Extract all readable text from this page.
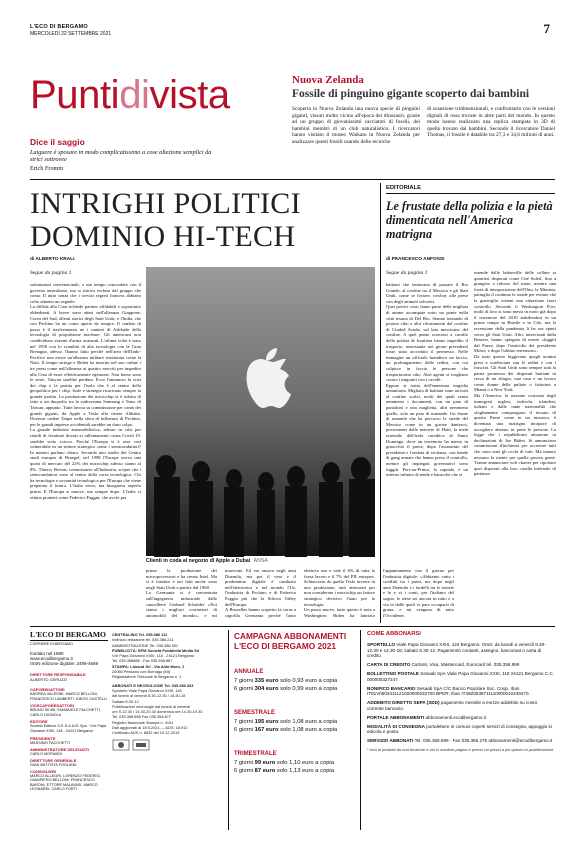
L'ECO DI BERGAMO
MERCOLEDÌ 22 SETTEMBRE 2021	7
Puntidivista
Dice il saggio
Laiguere è sposare in modo complicatissimo a cose altezione semplici da strici sottrovee
Erich Fromm
Nuova Zelanda
Fossile di pinguino gigante scoperto dai bambini
Scoperta in Nuova Zelanda una nuova specie di pinguini giganti, vissuti molto vicino all'epoca dei dinosauri, grazie ad un gruppo di giovanissimi cacciatori di fossili, dei bambini membri di un club naturalistico. I ricercatori hanno visitato il museo Waikato in Nuova Zelanda per analizzare questi fossili usando delle tecniche
di scansione tridimensionali, e confrontarlo con le versioni digitali di ossa trovate in altre parti del mondo. In questo modo hanno realizzato una replica stampata in 3D di quello trovato dai bambini. Secondo il ricercatore Daniel Thomas, il fossile è databile tra 27,3 e 34,6 milioni di anni.
INTRIGHI POLITICI DOMINIO HI-TECH
di ALBERTO KRALI
Segue da pagina 1
sottomarini convenzionali, a suo tempo concordato con il governo australiano, ma si ritrova esclusa dal gruppo che conta. Il tutto senza che i servizi segreti francesi abbiano colto almeno un segnale.
La diffida alla Cina richiede partner affidabili e soprattutto obbedienti. A breve sono attesi nell'alleanza Giappone, Corea del Sud, alleati storici degli Stati Uniti, e l'India, che con Pechino ha un conto aperto da sempre. Il cambio di passo è il trasferimento ne i cantieri di Adelaide della tecnologia di propulsione nucleare. Gli americani non condividono sistemi d'arma avanzati. L'ultima volta è stato nel 1958 con lo scambio di alta tecnologia con la Gran Bretagna, adesso l'hanno fatto perché nell'area dell'Indo-Pacifico non esiste un'alleanza militare strutturata come la Nato. Il tempo stringe e Biden ha inserito nel suo ordine i tre paesi come nell'alleanza ai quattro eserciti per impedire alla Cina di esser effettivamente egemone. Non basse sono le soste, Taiwan sarebbe perduta. Ecco l'annuncio la crisi dei chip e la partita per l'isola che è al centro della geopolitica per i chip. Isole e strategie ricaricano sempre la grande partita. La produzione dei microchip si è ridotta di fatto a un duopolio tra la sudcoreana Samsung e Tsmc di Taiwan, appunto. Tutte lavora su commissione per conto dei grandi giganti, da Apple a Tesla alla cinese Alibaba. Dovesse cadere Taipei nella sfera di influenza di Pechino, per le grandi imprese occidentali sarebbe un duro colpo.
La grande industria automobilistica, adesso in crisi per ritardi di forniture dovuti ai rallentamenti causa Covid 19, sarebbe sotto scacco. Perché l'Europa si è resa così vulnerabile in un settore strategico come i semiconduttori? In numeri parlano chiaro. Secondo uno studio del Centro studi europeo di Bruegel, nel 1998 l'Europa aveva una quota di mercato del 22% dei microchip adesso siamo al 8%. Thierry Breton, commissario all'Industria, scopre che i semiconduttori sono al centro della corsa tecnologica. Chi ha tecnologie e sovranità tecnologica per l'Europa che viene preparato il futuro. L'Italia verso, ma bisognava saperlo prima. E l'Europa si muove, ma sempre dopo. L'Italia ci ottima pionieri come Federico Faggin, che avviò per
Clienti in coda al negozio di Apple a Dubai ANSA
primo la produzione dei microprocessori e ha creato Intel. Ma si è fondato e nei fatti anche sono negli Stati Uniti a partire dal 1968.
La Germania si è concentrata sull'ingegneria industriale dalle cancelliere Gerhard Schröder «Noi siamo i migliori costruttori di automobili del mondo», e mi muovono. Ed era ancora negli anni Duemila, ma poi il vero e il predominio digitale è cambiato nell'elettronica e nel mondo l'Ue, l'industria di Pechino e di Federico Faggin più che la Silicon Valley dell'Europa.
A Bruxelles hanno scoperto la corsa a capofila Germania perché l'auto elettrica usa e vale il 6% di tutta la forza lavoro e il 7% del PIL europeo. Schiacciata da quella Tesla investe in una produzione, tutti attrezzati per non considerare i microchip un fattore strategico decisivo l'auto per la tecnologia.
Un passo nuovo, tutto questo è nota a Washington: Biden ha lanciato l'appuntamento con il giorno per l'industria digitale: «Abbiamo vinto i conflitti tra i paesi, ma dopo negli anni Duemila e i fardelli tra le notizie e lo e vi i conti, per l'italiano del sogno, le stese sei ancora in tutto e a via in dalle quali vi pare occuparsi di grana, e mi vengano di tutto l'Occidente.
EDITORIALE
Le frustate della polizia e la pietà dimenticata nell'America matrigna
di FRANCESCO ANFOSSI
Segue da pagina 1
haitiani che tentavano di passare il Rio Grande, al confine tra il Messico e gli Stati Uniti, come se fossero cowboy alle prese con degli animali selvatici.
Quei poveri cristi fanno parte delle migliaia di anime accampate sotto un ponte nella città texana di Del Rio. Stanno tentando di portare cibo e altri rifornimenti dal confine di Ciudad Acuña, sul lato messicano del confine. A quel punto scorrono a cavallo della polizia di frontiera hanno impedito il trasporto, nonostante noi giorni precedenti fosse stato accordato il permesso. Nelle immagini un ufficiale brandisce un laccio, un prolungamento delle redini, con cui colpisce in faccia le persone che trasportavano cibo. Altri agenti si scagliano contro i migranti con i cavalli.
Eppure si tratta dell'ennesima tragedia umanitaria. Migliaia di haitiani sono arrivati al confine scalzi, molti dei quali senza nemmeno i documenti, con un paio di pantaloni e una maglietta, altri nemmeno quello, solo un paio di mutande. Un fiume di umanità che ha percorso le strade del Messico come in un girone dantesco, provenienti dalle macerie di Haiti, la metà orientale dell'isola caraibica di Santo Domingo, dove un terremoto ha messo in ginocchio il paese, dopo l'assassinio del presidente e l'ondata di violenza, con bande di gang armate che hanno preso il controllo, mentre gli impiegati governativi sono fuggiti. Port-au-Prince, la capitale, è un inferno infinito di tende e baracche che si
estende dalle bidonville delle colline ai quartieri disperati come Cité Soleil, fino a giungere a ridosso del mare, mentre una forza di interposizione dell'Onu, la Minusta, pattuglia il continuo le strade per evitare che la guerriglia scateni una situazione fuori controllo. Secondo il Washington Post, molti di loro si sono messi in moto già dopo il terremoto del 2010 stabilendosi in un primo tempo in Brasile e in Cile, ma la recessione della pandemia li ha ora spinti verso gli Stati Uniti. Altri, intervistati dalla Reuters, hanno spiegato di essere «fuggiti dal Paese, dopo l'omicidio del presidente Moïse, e dopo l'ultimo terremoto».
Da tutto questo fuggivano quegli uomini presi a scudisciate con le redini e con i fruscini. Gli Stati Uniti sono sempre stati la patria promessa dei disperati haitiani in cerca di un rifugio, una casa e un lavoro come donne delle pulizie o fattorino a Miami o a New York.
Ma l'America, la nazione costruita dagli immigrati inglesi, tedeschi, irlandesi, italiani e dalle tante nazionalità che sfogliamente compongono il tessuto di questo Paese come in un mosaico, è diventata una matrigna incapace di accogliere almeno in parte le persone. La legge che i repubblicani attuarono in declinazioni di Joe Biden. Si annunciano commissioni d'inchiesta per accertare tutti che sono stati gli occhi di tutti. Ma intanto nessuno fa niente per quella povera gente. Tranne annunciare voli charter per riportare quei disperati alla loro casella infernale di partenza.
L'ECO DI BERGAMO
CORRIERE DI BERGAMO
fondato nel 1880
www.ecodibergamo.it
ISSN edizione digitale: 2499-4669
DIRETTORE RESPONSABILE
ALBERTO CERUZZI
CAPOREDATTORI
ANDREA VALESINI, MARCO BELLONI, FRANCESCO LAMBERTI, DIEGO CASTELLI
VICECAPOREDATTORI
BRUNO SILINI, EMANUELE FALCHETTI, CARLO DIGNOLA
EDITORE
Società Editrice S.E.S.A.A.B. Spa · V.le Papa Giovanni XXIII, 118 · 24121 Bergamo
PRESIDENTE
MASSIMO FACCHETTI
AMMINISTRATORE DELEGATO
CARLO MORANDI
DIRETTORE GENERALE
GIAN BATTISTA FOGLIENI
CONSIGLIERI
MARCO ALLEGRI, LORENZO FEDERICI, GIAMPIERO BELLONI, FRANCESCO BARONI, ETTORE MALAVASI, MARCO LEONARDI, CARLO FORTI
CENTRALINO Tel. 035.386 111
Indirizzo redazione tel. 035.386.211
AMMINISTRAZIONE Tel. 035.386.301
PUBBLICITÀ: SPM Società Pubblicità Media Srl
V.le Papa Giovanni XXIII, 118 - 24121 Bergamo
Tel. 035.358888 - Fax 035.358.887
STAMPA: Litosud Srl - Via Aldo Moro, 2
20060 Pessano con Bornago (MI)
Registrazione Tribunale di Bergamo n. 1
ABBONATI E NECROLOGIE Tel. 035.386.333
Sportello Viale Papa Giovanni XXIII, 118
dal lunedì al venerdì 8.30-12.30 / 14.30-18
Sabato 8.30-12
Pubblicazioni necrologie dal lunedì al venerdì
ore 9-12.30 / 14.30-20.30 domenica ore 14.30-19.30
Tel. 035.358.888 Fax 035.358.877
Registro Nazionale Stampa n. 4151
Dati aggiornati al 18.9.2021 — ADS: 18.912
Certificato ADS n. 8832 del 19.12.2019
CAMPAGNA ABBONAMENTI
L'ECO DI BERGAMO 2021
ANNUALE
7 giorni 335 euro solo 0,93 euro a copia
6 giorni 304 euro solo 0,99 euro a copia
SEMESTRALE
7 giorni 195 euro solo 1,08 euro a copia
6 giorni 167 euro solo 1,08 euro a copia
TRIMESTRALE
7 giorni 99 euro solo 1,10 euro a copia
6 giorni 87 euro solo 1,13 euro a copia
COME ABBONARSI
SPORTELLO Viale Papa Giovanni XXIII, 124 Bergamo. Orari: da lunedì a venerdì 8.30-12.30 e 14.30-18; sabato 8.30-12. Pagamento contanti, assegno, bancomat o carta di credito.
CARTA DI CREDITO CartaSi, Visa, Mastercard, Eurocard tel. 035.358.899
BOLLETTINO POSTALE Sesaab SpA Viale Papa Giovanni XXIII, 118 24121 Bergamo C.C. 000000327247
BONIFICO BANCARIO Sesaab SpA C/C Banco Popolare Soc. Coop. Iban IT61V0503411121000000032700 BPER: Iban IT39Z0538711110000042439470.
ADDEBITO DIRETTO SEPA (SDD) pagamento mensile a mezzo addebito su conto corrente bancario.
PORTALE ABBONAMENTI abbonamenti.ecodibergamo.it
MODALITÀ DI CONSEGNA portalettere in comuni coperti servizi di consegna, appoggio in edicola e posta.
SERVIZIO ABBONATI Tel. 035.358.899 - Fax 035.386.275 abbonamenti@ecodibergamo.it
* Invii ai prodotti da una funzione e via in maniera pagina e prezzi cui prezzi a più questo in pubblicazione
